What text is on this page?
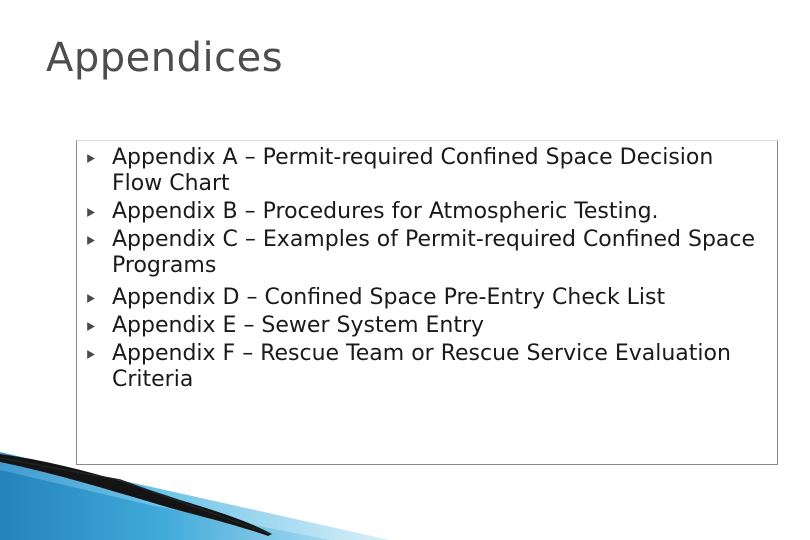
Appendices
Appendix A – Permit-required Confined Space Decision Flow Chart
Appendix B – Procedures for Atmospheric Testing.
Appendix C – Examples of Permit-required Confined Space Programs
Appendix D – Confined Space Pre-Entry Check List
Appendix E – Sewer System Entry
Appendix F – Rescue Team or Rescue Service Evaluation Criteria
